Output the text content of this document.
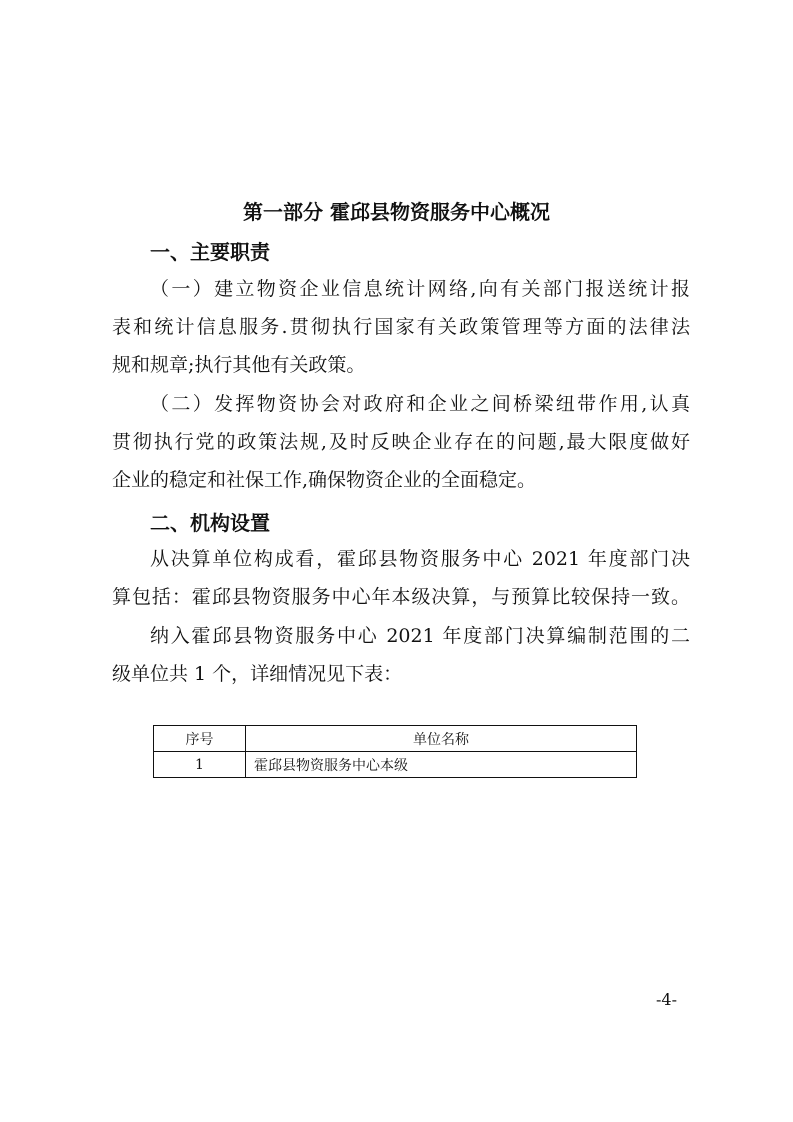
第一部分 霍邱县物资服务中心概况
一、主要职责
（一）建立物资企业信息统计网络,向有关部门报送统计报
表和统计信息服务.贯彻执行国家有关政策管理等方面的法律法
规和规章;执行其他有关政策。
（二）发挥物资协会对政府和企业之间桥梁纽带作用,认真
贯彻执行党的政策法规,及时反映企业存在的问题,最大限度做好
企业的稳定和社保工作,确保物资企业的全面稳定。
二、机构设置
从决算单位构成看，霍邱县物资服务中心 2021 年度部门决
算包括：霍邱县物资服务中心年本级决算，与预算比较保持一致。
纳入霍邱县物资服务中心 2021 年度部门决算编制范围的二
级单位共 1 个，详细情况见下表：
序号	单位名称
1	霍邱县物资服务中心本级
-4-
